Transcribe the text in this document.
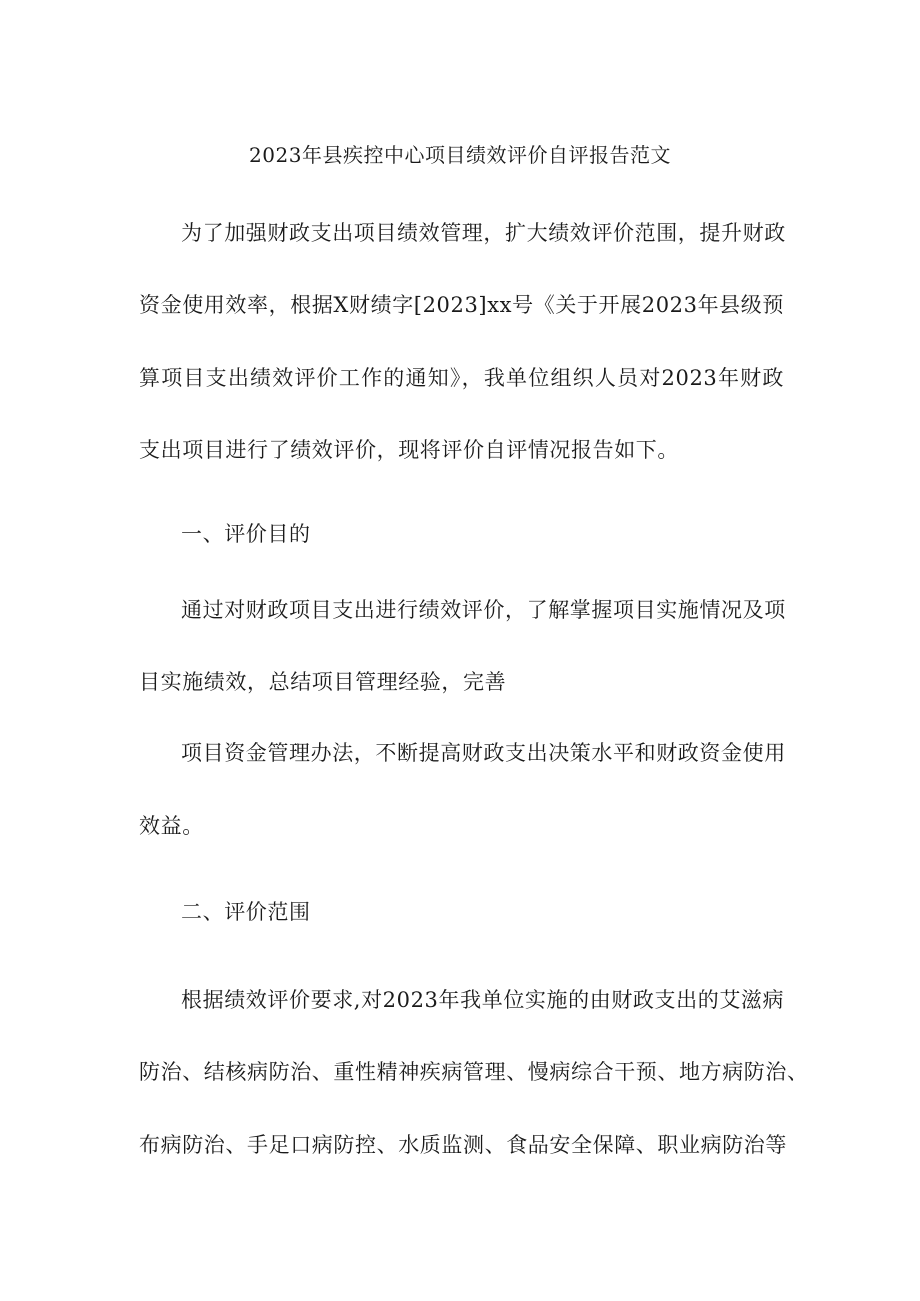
2023年县疾控中心项目绩效评价自评报告范文

为了加强财政支出项目绩效管理，扩大绩效评价范围，提升财政

资金使用效率，根据X财绩字[2023]xx号《关于开展2023年县级预

算项目支出绩效评价工作的通知》，我单位组织人员对2023年财政

支出项目进行了绩效评价，现将评价自评情况报告如下。

一、评价目的

通过对财政项目支出进行绩效评价，了解掌握项目实施情况及项

目实施绩效，总结项目管理经验，完善

项目资金管理办法，不断提高财政支出决策水平和财政资金使用

效益。

二、评价范围

根据绩效评价要求,对2023年我单位实施的由财政支出的艾滋病

防治、结核病防治、重性精神疾病管理、慢病综合干预、地方病防治、

布病防治、手足口病防控、水质监测、食品安全保障、职业病防治等
